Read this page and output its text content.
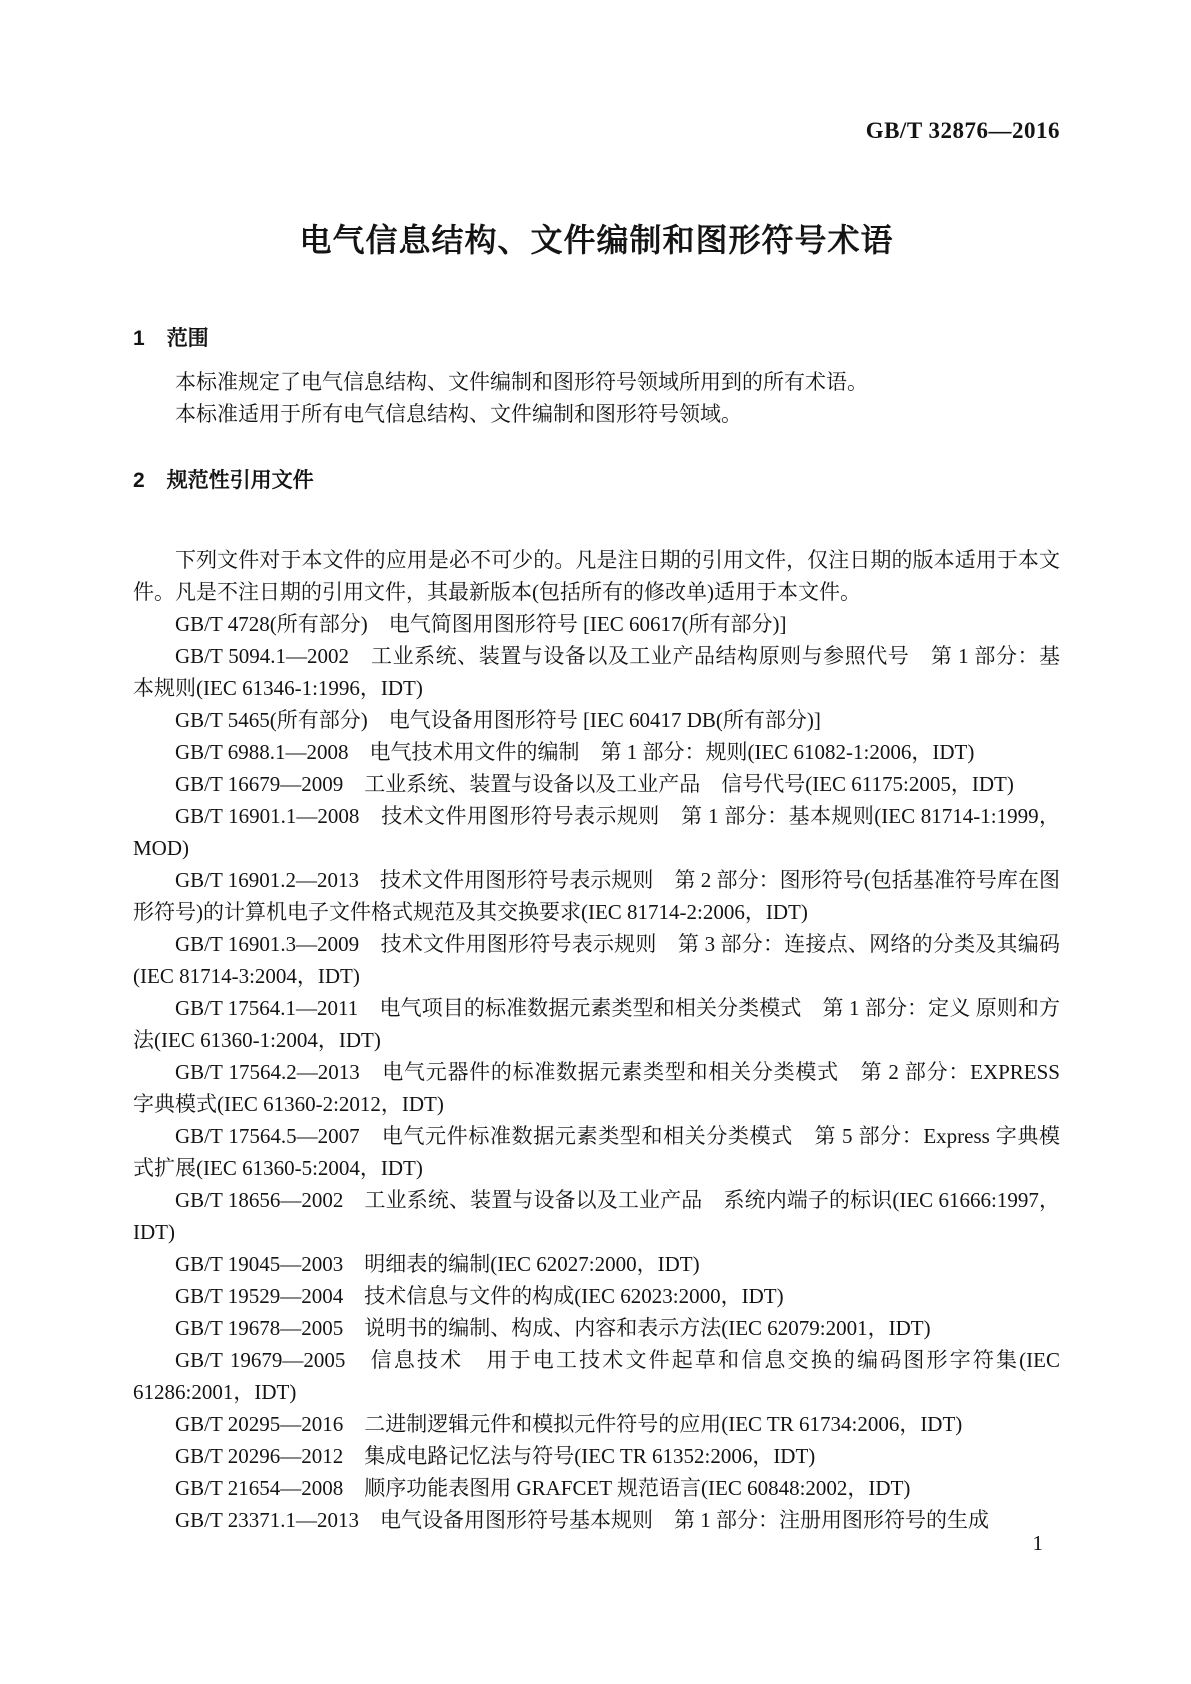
GB/T 32876—2016
电气信息结构、文件编制和图形符号术语
1 范围

本标准规定了电气信息结构、文件编制和图形符号领域所用到的所有术语。

本标准适用于所有电气信息结构、文件编制和图形符号领域。

2 规范性引用文件

下列文件对于本文件的应用是必不可少的。凡是注日期的引用文件，仅注日期的版本适用于本文件。凡是不注日期的引用文件，其最新版本(包括所有的修改单)适用于本文件。

GB/T 4728(所有部分)　电气简图用图形符号 [IEC 60617(所有部分)]

GB/T 5094.1—2002　工业系统、装置与设备以及工业产品结构原则与参照代号　第 1 部分：基本规则(IEC 61346-1:1996，IDT)

GB/T 5465(所有部分)　电气设备用图形符号 [IEC 60417 DB(所有部分)]

GB/T 6988.1—2008　电气技术用文件的编制　第 1 部分：规则(IEC 61082-1:2006，IDT)

GB/T 16679—2009　工业系统、装置与设备以及工业产品　信号代号(IEC 61175:2005，IDT)

GB/T 16901.1—2008　技术文件用图形符号表示规则　第 1 部分：基本规则(IEC 81714-1:1999，MOD)

GB/T 16901.2—2013　技术文件用图形符号表示规则　第 2 部分：图形符号(包括基准符号库在图形符号)的计算机电子文件格式规范及其交换要求(IEC 81714-2:2006，IDT)

GB/T 16901.3—2009　技术文件用图形符号表示规则　第 3 部分：连接点、网络的分类及其编码(IEC 81714-3:2004，IDT)

GB/T 17564.1—2011　电气项目的标准数据元素类型和相关分类模式　第 1 部分：定义 原则和方法(IEC 61360-1:2004，IDT)

GB/T 17564.2—2013　电气元器件的标准数据元素类型和相关分类模式　第 2 部分：EXPRESS 字典模式(IEC 61360-2:2012，IDT)

GB/T 17564.5—2007　电气元件标准数据元素类型和相关分类模式　第 5 部分：Express 字典模式扩展(IEC 61360-5:2004，IDT)

GB/T 18656—2002　工业系统、装置与设备以及工业产品　系统内端子的标识(IEC 61666:1997，IDT)

GB/T 19045—2003　明细表的编制(IEC 62027:2000，IDT)

GB/T 19529—2004　技术信息与文件的构成(IEC 62023:2000，IDT)

GB/T 19678—2005　说明书的编制、构成、内容和表示方法(IEC 62079:2001，IDT)

GB/T 19679—2005　信息技术　用于电工技术文件起草和信息交换的编码图形字符集(IEC 61286:2001，IDT)

GB/T 20295—2016　二进制逻辑元件和模拟元件符号的应用(IEC TR 61734:2006，IDT)

GB/T 20296—2012　集成电路记忆法与符号(IEC TR 61352:2006，IDT)

GB/T 21654—2008　顺序功能表图用 GRAFCET 规范语言(IEC 60848:2002，IDT)

GB/T 23371.1—2013　电气设备用图形符号基本规则　第 1 部分：注册用图形符号的生成

1
